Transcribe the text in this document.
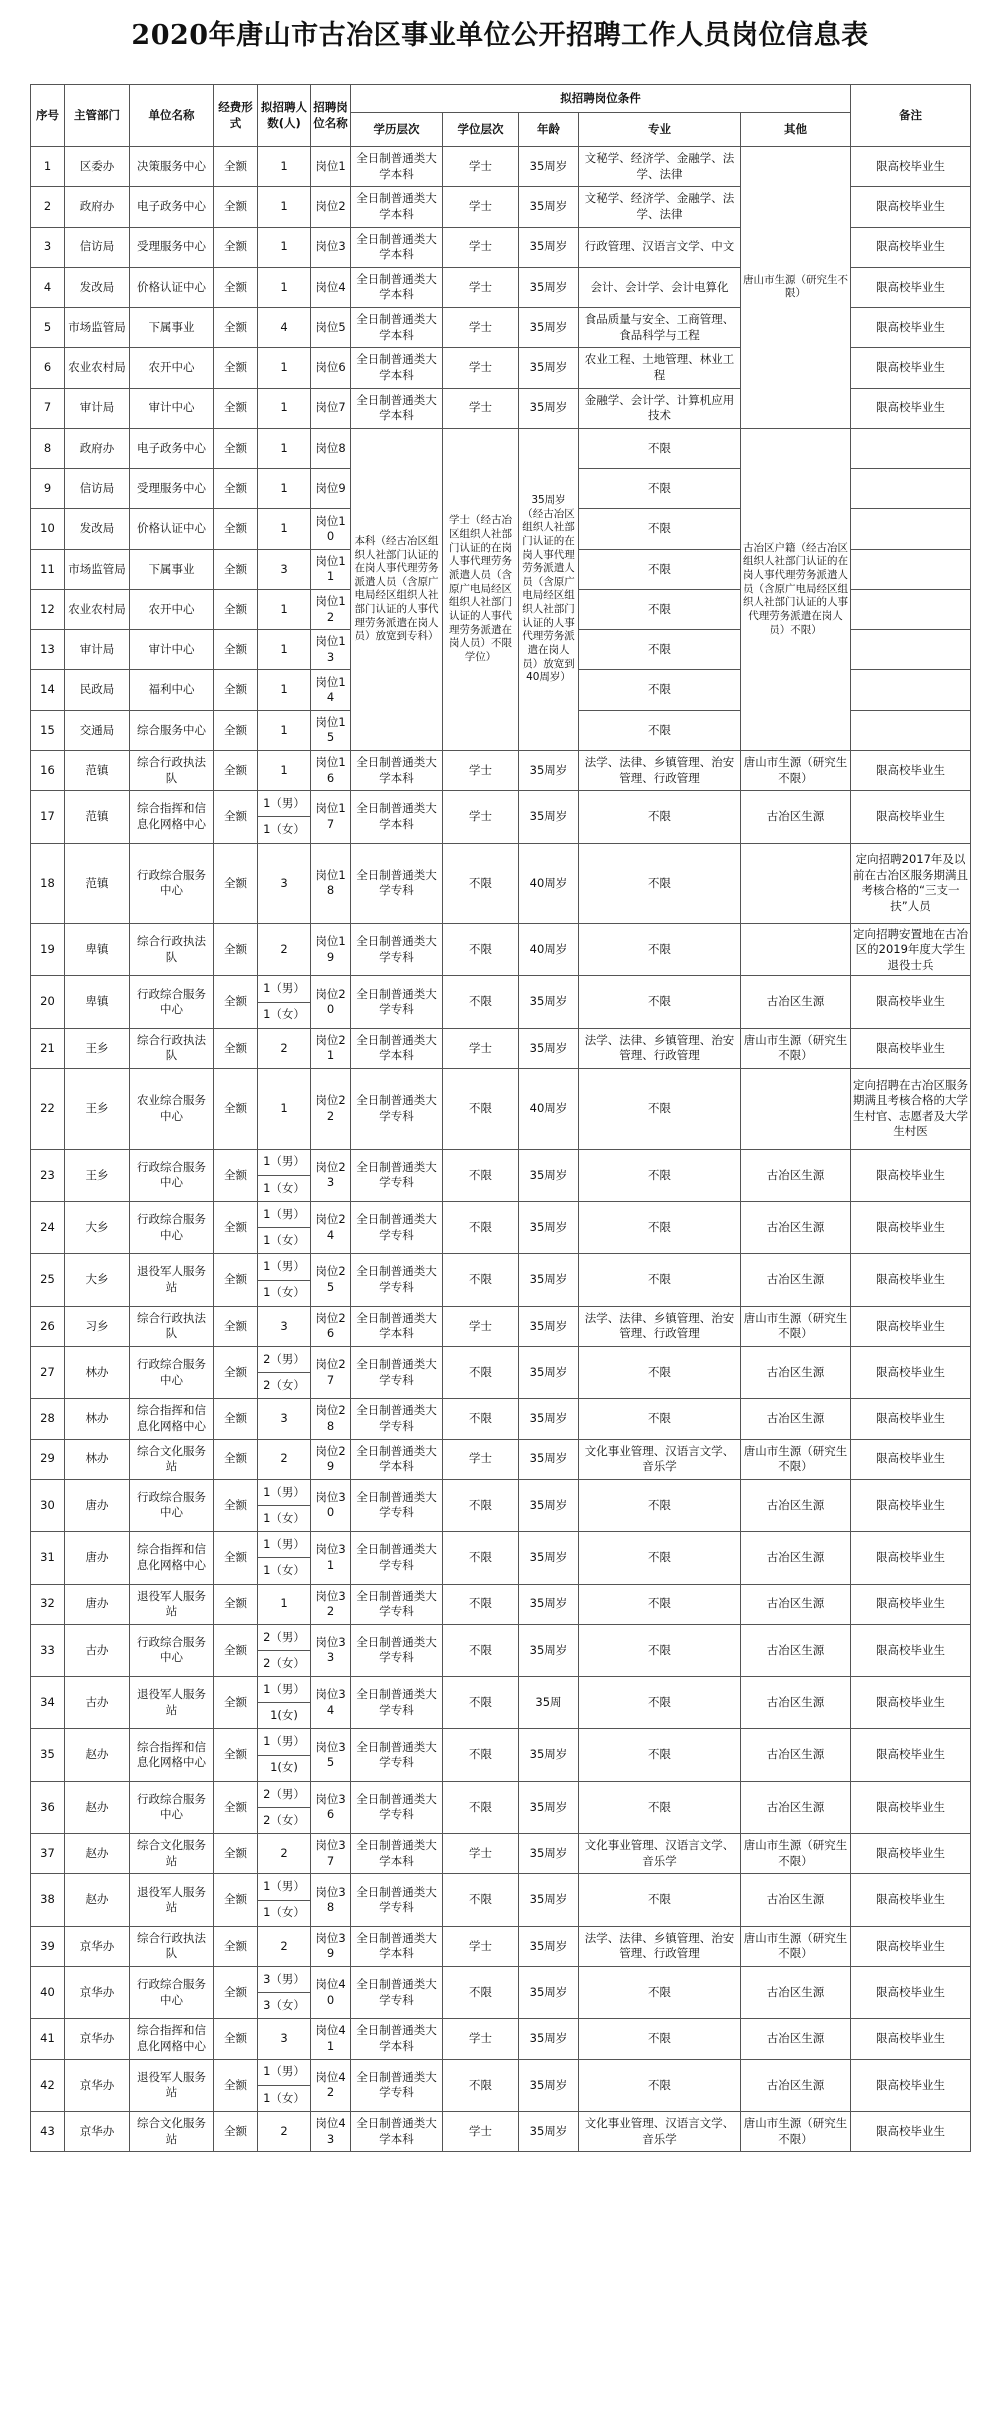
2020年唐山市古冶区事业单位公开招聘工作人员岗位信息表
序号	主管部门	单位名称	经费形式	拟招聘人数(人)	招聘岗位名称	拟招聘岗位条件					备注
						学历层次	学位层次	年龄	专业	其他	
1	区委办	决策服务中心	全额	1	岗位1	全日制普通类大学本科	学士	35周岁	文秘学、经济学、金融学、法学、法律	唐山市生源（研究生不限）	限高校毕业生
2	政府办	电子政务中心	全额	1	岗位2	全日制普通类大学本科	学士	35周岁	文秘学、经济学、金融学、法学、法律		限高校毕业生
3	信访局	受理服务中心	全额	1	岗位3	全日制普通类大学本科	学士	35周岁	行政管理、汉语言文学、中文		限高校毕业生
4	发改局	价格认证中心	全额	1	岗位4	全日制普通类大学本科	学士	35周岁	会计、会计学、会计电算化		限高校毕业生
5	市场监管局	下属事业	全额	4	岗位5	全日制普通类大学本科	学士	35周岁	食品质量与安全、工商管理、食品科学与工程		限高校毕业生
6	农业农村局	农开中心	全额	1	岗位6	全日制普通类大学本科	学士	35周岁	农业工程、土地管理、林业工程		限高校毕业生
7	审计局	审计中心	全额	1	岗位7	全日制普通类大学本科	学士	35周岁	金融学、会计学、计算机应用技术		限高校毕业生
8	政府办	电子政务中心	全额	1	岗位8	本科（经古冶区组织人社部门认证的在岗人事代理劳务派遣人员（含原广电局经区组织人社部门认证的人事代理劳务派遣在岗人员）放宽到专科）	学士（经古冶区组织人社部门认证的在岗人事代理劳务派遣人员（含原广电局经区组织人社部门认证的人事代理劳务派遣在岗人员）不限学位）	35周岁（经古冶区组织人社部门认证的在岗人事代理劳务派遣人员（含原广电局经区组织人社部门认证的人事代理劳务派遣在岗人员）放宽到40周岁）	不限	古冶区户籍（经古冶区组织人社部门认证的在岗人事代理劳务派遣人员（含原广电局经区组织人社部门认证的人事代理劳务派遣在岗人员）不限）	
9	信访局	受理服务中心	全额	1	岗位9				不限		
10	发改局	价格认证中心	全额	1	岗位10				不限		
11	市场监管局	下属事业	全额	3	岗位11				不限		
12	农业农村局	农开中心	全额	1	岗位12				不限		
13	审计局	审计中心	全额	1	岗位13				不限		
14	民政局	福利中心	全额	1	岗位14				不限		
15	交通局	综合服务中心	全额	1	岗位15				不限		
16	范镇	综合行政执法队	全额	1	岗位16	全日制普通类大学本科	学士	35周岁	法学、法律、乡镇管理、治安管理、行政管理	唐山市生源（研究生不限）	限高校毕业生
17	范镇	综合指挥和信息化网格中心	全额	1（男）	岗位17	全日制普通类大学本科	学士	35周岁	不限	古冶区生源	限高校毕业生
				1（女）							
18	范镇	行政综合服务中心	全额	3	岗位18	全日制普通类大学专科	不限	40周岁	不限		定向招聘2017年及以前在古冶区服务期满且考核合格的“三支一扶”人员
19	卑镇	综合行政执法队	全额	2	岗位19	全日制普通类大学专科	不限	40周岁	不限		定向招聘安置地在古冶区的2019年度大学生退役士兵
20	卑镇	行政综合服务中心	全额	1（男）	岗位20	全日制普通类大学专科	不限	35周岁	不限	古冶区生源	限高校毕业生
				1（女）							
21	王乡	综合行政执法队	全额	2	岗位21	全日制普通类大学本科	学士	35周岁	法学、法律、乡镇管理、治安管理、行政管理	唐山市生源（研究生不限）	限高校毕业生
22	王乡	农业综合服务中心	全额	1	岗位22	全日制普通类大学专科	不限	40周岁	不限		定向招聘在古冶区服务期满且考核合格的大学生村官、志愿者及大学生村医
23	王乡	行政综合服务中心	全额	1（男）	岗位23	全日制普通类大学专科	不限	35周岁	不限	古冶区生源	限高校毕业生
				1（女）							
24	大乡	行政综合服务中心	全额	1（男）	岗位24	全日制普通类大学专科	不限	35周岁	不限	古冶区生源	限高校毕业生
				1（女）							
25	大乡	退役军人服务站	全额	1（男）	岗位25	全日制普通类大学专科	不限	35周岁	不限	古冶区生源	限高校毕业生
				1（女）							
26	习乡	综合行政执法队	全额	3	岗位26	全日制普通类大学本科	学士	35周岁	法学、法律、乡镇管理、治安管理、行政管理	唐山市生源（研究生不限）	限高校毕业生
27	林办	行政综合服务中心	全额	2（男）	岗位27	全日制普通类大学专科	不限	35周岁	不限	古冶区生源	限高校毕业生
				2（女）							
28	林办	综合指挥和信息化网格中心	全额	3	岗位28	全日制普通类大学专科	不限	35周岁	不限	古冶区生源	限高校毕业生
29	林办	综合文化服务站	全额	2	岗位29	全日制普通类大学本科	学士	35周岁	文化事业管理、汉语言文学、音乐学	唐山市生源（研究生不限）	限高校毕业生
30	唐办	行政综合服务中心	全额	1（男）	岗位30	全日制普通类大学专科	不限	35周岁	不限	古冶区生源	限高校毕业生
				1（女）							
31	唐办	综合指挥和信息化网格中心	全额	1（男）	岗位31	全日制普通类大学专科	不限	35周岁	不限	古冶区生源	限高校毕业生
				1（女）							
32	唐办	退役军人服务站	全额	1	岗位32	全日制普通类大学专科	不限	35周岁	不限	古冶区生源	限高校毕业生
33	古办	行政综合服务中心	全额	2（男）	岗位33	全日制普通类大学专科	不限	35周岁	不限	古冶区生源	限高校毕业生
				2（女）							
34	古办	退役军人服务站	全额	1（男）	岗位34	全日制普通类大学专科	不限	35周	不限	古冶区生源	限高校毕业生
				1(女)							
35	赵办	综合指挥和信息化网格中心	全额	1（男）	岗位35	全日制普通类大学专科	不限	35周岁	不限	古冶区生源	限高校毕业生
				1(女)							
36	赵办	行政综合服务中心	全额	2（男）	岗位36	全日制普通类大学专科	不限	35周岁	不限	古冶区生源	限高校毕业生
				2（女）							
37	赵办	综合文化服务站	全额	2	岗位37	全日制普通类大学本科	学士	35周岁	文化事业管理、汉语言文学、音乐学	唐山市生源（研究生不限）	限高校毕业生
38	赵办	退役军人服务站	全额	1（男）	岗位38	全日制普通类大学专科	不限	35周岁	不限	古冶区生源	限高校毕业生
				1（女）							
39	京华办	综合行政执法队	全额	2	岗位39	全日制普通类大学本科	学士	35周岁	法学、法律、乡镇管理、治安管理、行政管理	唐山市生源（研究生不限）	限高校毕业生
40	京华办	行政综合服务中心	全额	3（男）	岗位40	全日制普通类大学专科	不限	35周岁	不限	古冶区生源	限高校毕业生
				3（女）							
41	京华办	综合指挥和信息化网格中心	全额	3	岗位41	全日制普通类大学本科	学士	35周岁	不限	古冶区生源	限高校毕业生
42	京华办	退役军人服务站	全额	1（男）	岗位42	全日制普通类大学专科	不限	35周岁	不限	古冶区生源	限高校毕业生
				1（女）							
43	京华办	综合文化服务站	全额	2	岗位43	全日制普通类大学本科	学士	35周岁	文化事业管理、汉语言文学、音乐学	唐山市生源（研究生不限）	限高校毕业生
